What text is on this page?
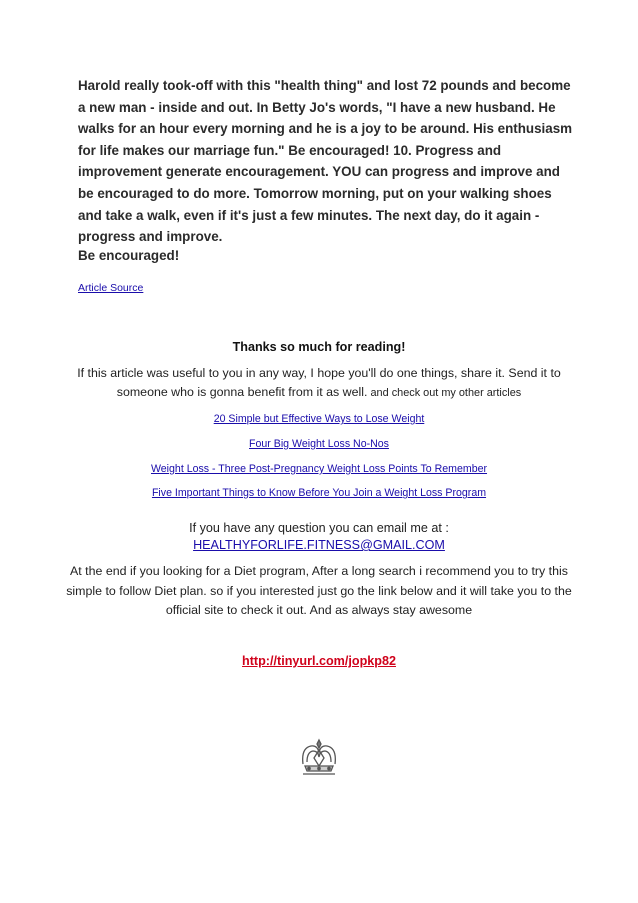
Harold really took-off with this "health thing" and lost 72 pounds and become a new man - inside and out. In Betty Jo's words, "I have a new husband. He walks for an hour every morning and he is a joy to be around. His enthusiasm for life makes our marriage fun." Be encouraged! 10. Progress and improvement generate encouragement. YOU can progress and improve and be encouraged to do more. Tomorrow morning, put on your walking shoes and take a walk, even if it's just a few minutes. The next day, do it again - progress and improve.

Be encouraged!

Article Source
Thanks so much for reading!
If this article was useful to you in any way, I hope you'll do one things, share it. Send it to someone who is gonna benefit from it as well. and check out my other articles
20 Simple but Effective Ways to Lose Weight
Four Big Weight Loss No-Nos
Weight Loss - Three Post-Pregnancy Weight Loss Points To Remember
Five Important Things to Know Before You Join a Weight Loss Program
If you have any question you can email me at :
HEALTHYFORLIFE.FITNESS@GMAIL.COM
At the end if you looking for a Diet program, After a long search i recommend you to try this simple to follow Diet plan. so if you interested just go the link below and it will take you to the official site to check it out. And as always stay awesome
http://tinyurl.com/jopkp82
